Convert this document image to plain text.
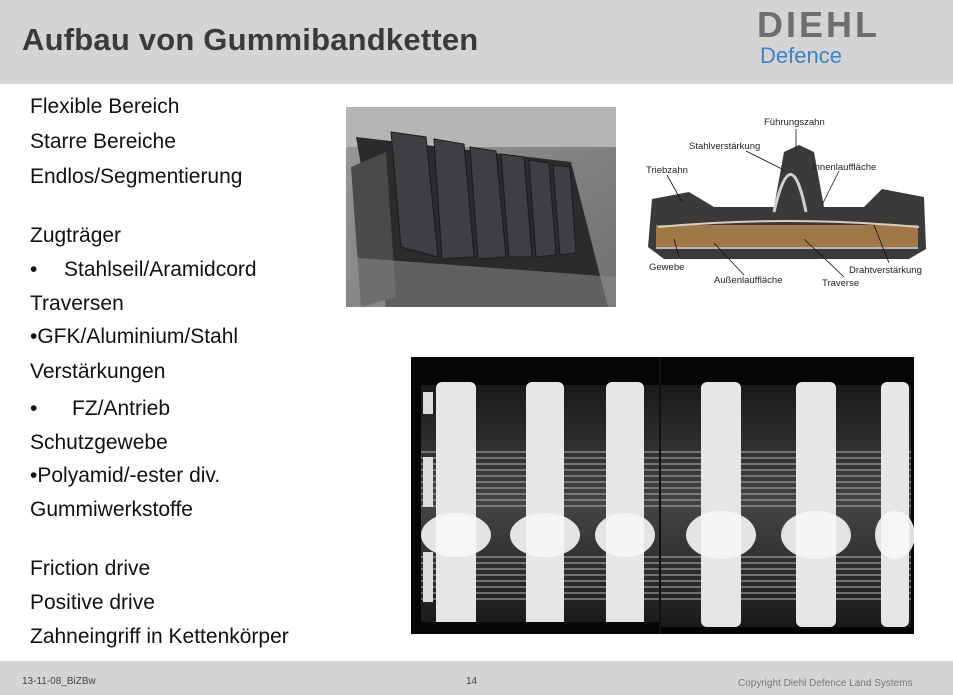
Aufbau von Gummibandketten	DIEHL
Defence
Flexible Bereich
Starre Bereiche
Endlos/Segmentierung
Zugträger
• Stahlseil/Aramidcord
Traversen
•GFK/Aluminium/Stahl
Verstärkungen
• FZ/Antrieb
Schutzgewebe
•Polyamid/-ester div.
Gummiwerkstoffe
Friction drive
Positive drive
Zahneingriff in Kettenkörper
Führungszahn
Stahlverstärkung
Triebzahn	Innenlauffläche
Gewebe
Außenlauffläche	Traverse
Drahtverstärkung
13-11-08_BiZBw	14	Copyright Diehl Defence Land Systems
